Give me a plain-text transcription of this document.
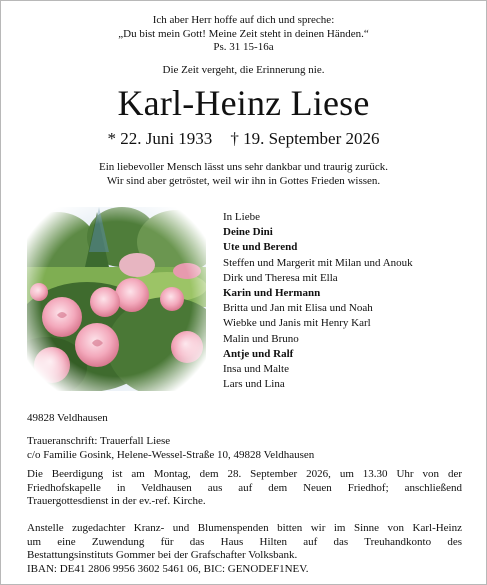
Ich aber Herr hoffe auf dich und spreche:
„Du bist mein Gott! Meine Zeit steht in deinen Händen.“
Ps. 31 15-16a
Die Zeit vergeht, die Erinnerung nie.
Karl-Heinz Liese
* 22. Juni 1933 † 19. September 2026
Ein liebevoller Mensch lässt uns sehr dankbar und traurig zurück.
Wir sind aber getröstet, weil wir ihn in Gottes Frieden wissen.
In Liebe
Deine Dini
Ute und Berend
Steffen und Margerit mit Milan und Anouk
Dirk und Theresa mit Ella
Karin und Hermann
Britta und Jan mit Elisa und Noah
Wiebke und Janis mit Henry Karl
Malin und Bruno
Antje und Ralf
Insa und Malte
Lars und Lina
49828 Veldhausen
Traueranschrift: Trauerfall Liese
c/o Familie Gosink, Helene-Wessel-Straße 10, 49828 Veldhausen
Die Beerdigung ist am Montag, dem 28. September 2026, um 13.30 Uhr von der
Friedhofskapelle in Veldhausen aus auf dem Neuen Friedhof; anschließend
Trauergottesdienst in der ev.-ref. Kirche.
Anstelle zugedachter Kranz- und Blumenspenden bitten wir im Sinne von Karl-Heinz
um eine Zuwendung für das Haus Hilten auf das Treuhandkonto des
Bestattungsinstituts Gommer bei der Grafschafter Volksbank.
IBAN: DE41 2806 9956 3602 5461 06, BIC: GENODEF1NEV.
